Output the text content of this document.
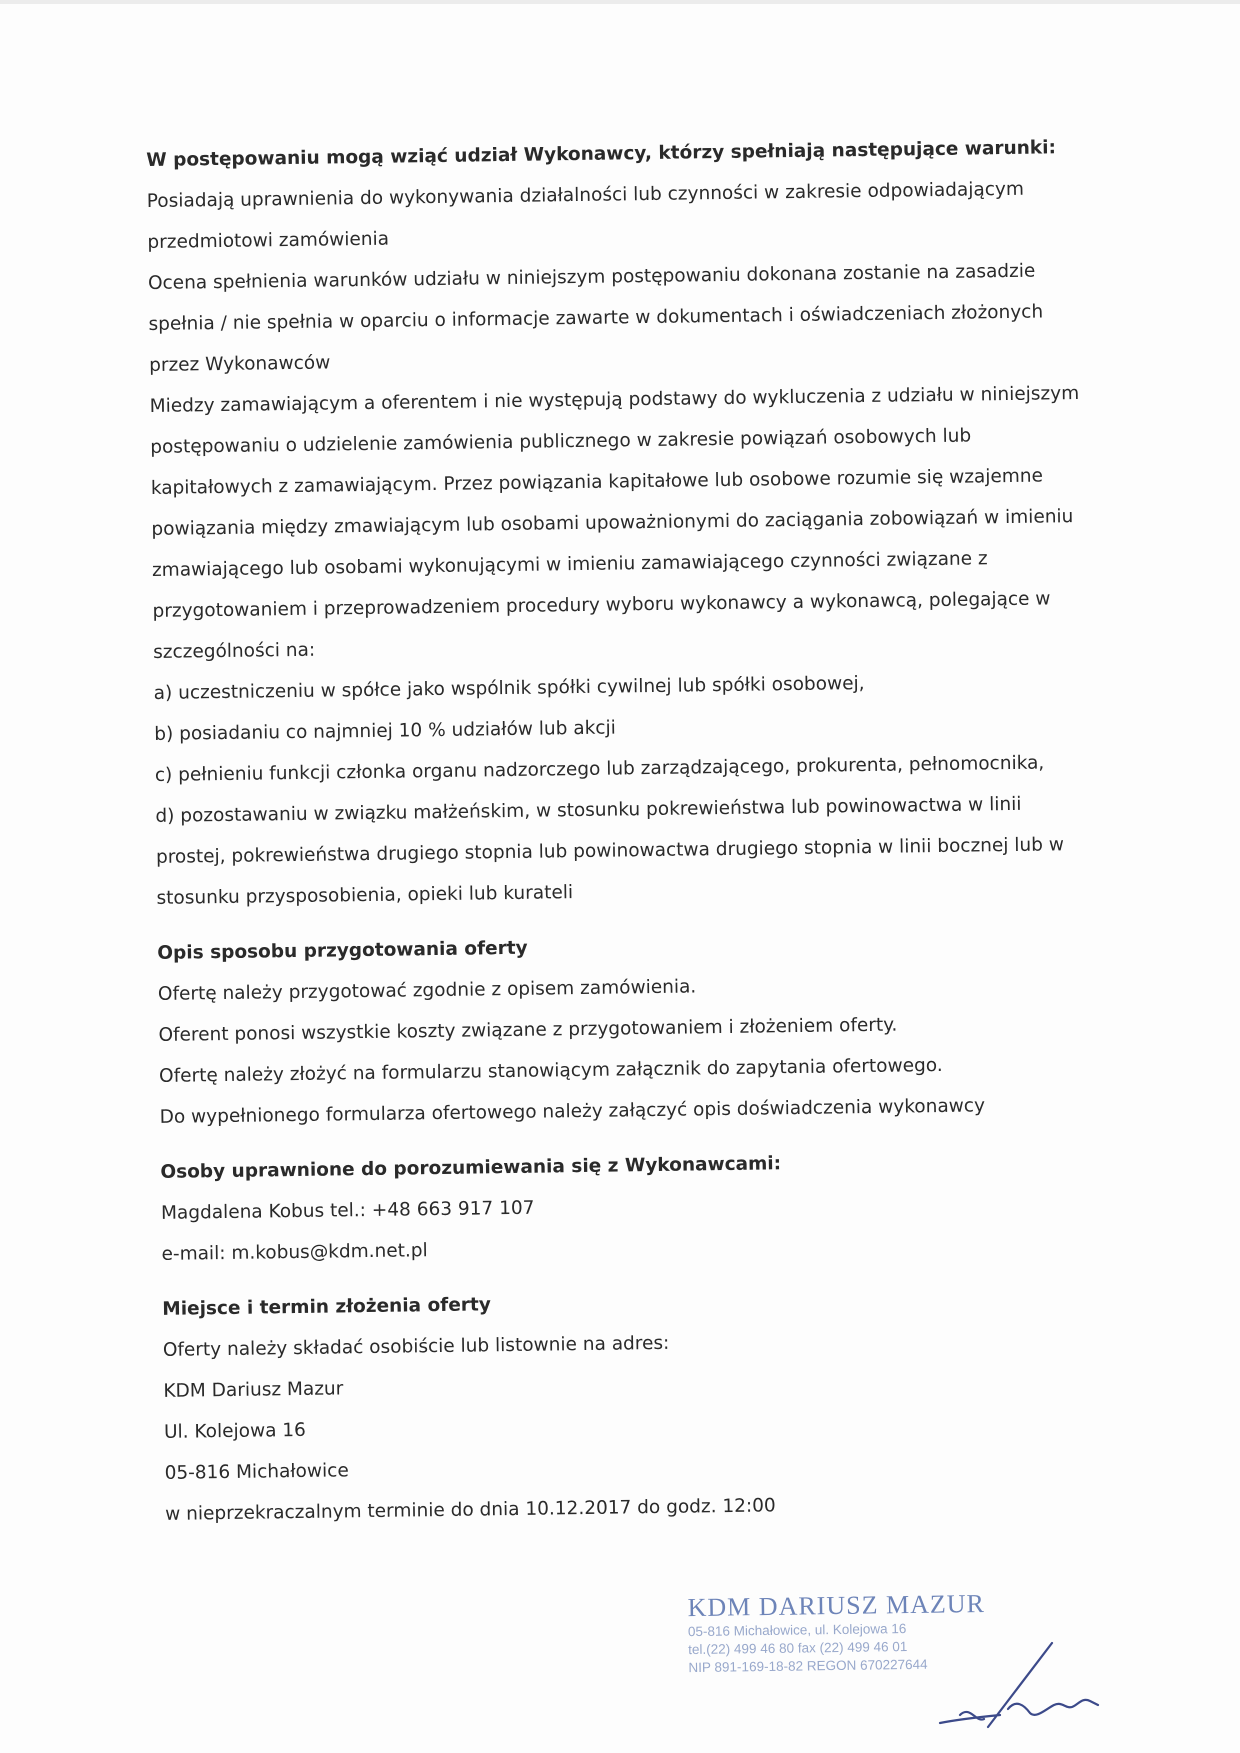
W postępowaniu mogą wziąć udział Wykonawcy, którzy spełniają następujące warunki:
Posiadają uprawnienia do wykonywania działalności lub czynności w zakresie odpowiadającym
przedmiotowi zamówienia
Ocena spełnienia warunków udziału w niniejszym postępowaniu dokonana zostanie na zasadzie
spełnia / nie spełnia w oparciu o informacje zawarte w dokumentach i oświadczeniach złożonych
przez Wykonawców
Miedzy zamawiającym a oferentem i nie występują podstawy do wykluczenia z udziału w niniejszym
postępowaniu o udzielenie zamówienia publicznego w zakresie powiązań osobowych lub
kapitałowych z zamawiającym. Przez powiązania kapitałowe lub osobowe rozumie się wzajemne
powiązania między zmawiającym lub osobami upoważnionymi do zaciągania zobowiązań w imieniu
zmawiającego lub osobami wykonującymi w imieniu zamawiającego czynności związane z
przygotowaniem i przeprowadzeniem procedury wyboru wykonawcy a wykonawcą, polegające w
szczególności na:
a) uczestniczeniu w spółce jako wspólnik spółki cywilnej lub spółki osobowej,
b) posiadaniu co najmniej 10 % udziałów lub akcji
c) pełnieniu funkcji członka organu nadzorczego lub zarządzającego, prokurenta, pełnomocnika,
d) pozostawaniu w związku małżeńskim, w stosunku pokrewieństwa lub powinowactwa w linii
prostej, pokrewieństwa drugiego stopnia lub powinowactwa drugiego stopnia w linii bocznej lub w
stosunku przysposobienia, opieki lub kurateli
Opis sposobu przygotowania oferty
Ofertę należy przygotować zgodnie z opisem zamówienia.
Oferent ponosi wszystkie koszty związane z przygotowaniem i złożeniem oferty.
Ofertę należy złożyć na formularzu stanowiącym załącznik do zapytania ofertowego.
Do wypełnionego formularza ofertowego należy załączyć opis doświadczenia wykonawcy
Osoby uprawnione do porozumiewania się z Wykonawcami:
Magdalena Kobus tel.: +48 663 917 107
e-mail: m.kobus@kdm.net.pl
Miejsce i termin złożenia oferty
Oferty należy składać osobiście lub listownie na adres:
KDM Dariusz Mazur
Ul. Kolejowa 16
05-816 Michałowice
w nieprzekraczalnym terminie do dnia 10.12.2017 do godz. 12:00
KDM DARIUSZ MAZUR
05-816 Michałowice, ul. Kolejowa 16
tel.(22) 499 46 80 fax (22) 499 46 01
NIP 891-169-18-82 REGON 670227644
